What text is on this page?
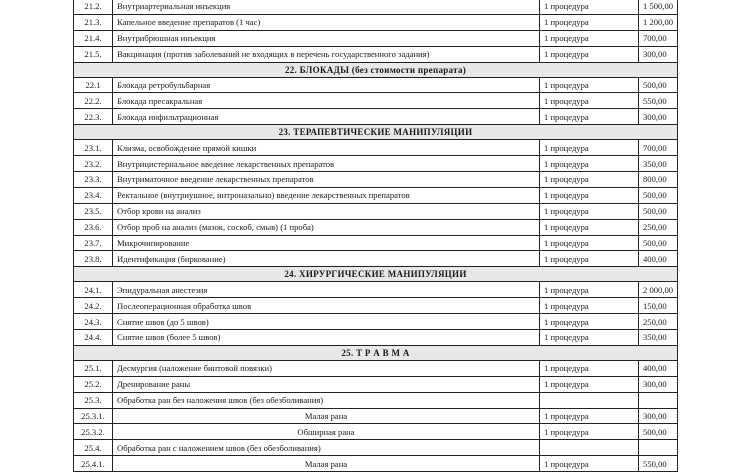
21.2.	Внутриартериальная инъекция	1 процедура	1 500,00
21.3.	Капельное введение препаратов (1 час)	1 процедура	1 200,00
21.4.	Внутрибрюшная инъекция	1 процедура	700,00
21.5.	Вакцинация (против заболеваний не входящих в перечень государственного задания)	1 процедура	300,00
22. БЛОКАДЫ (без стоимости препарата)			
22.1	Блокада ретробульбарная	1 процедура	500,00
22.2.	Блокада пресакральная	1 процедура	550,00
22.3.	Блокада инфильтрационная	1 процедура	300,00
23. ТЕРАПЕВТИЧЕСКИЕ МАНИПУЛЯЦИИ			
23.1.	Клизма, освобождение прямой кишки	1 процедура	700,00
23.2.	Внутрицистернальное введение лекарственных препаратов	1 процедура	350,00
23.3.	Внутриматочное введение лекарственных препаратов	1 процедура	800,00
23.4.	Ректальное (внутриушное, интроназально) введение лекарственных препаратов	1 процедура	500,00
23.5.	Отбор крови на анализ	1 процедура	500,00
23.6.	Отбор проб на анализ (мазок, соскоб, смыв) (1 проба)	1 процедура	250,00
23.7.	Микрочипирование	1 процедура	500,00
23.8.	Идентификация (биркование)	1 процедура	400,00
24. ХИРУРГИЧЕСКИЕ МАНИПУЛЯЦИИ			
24.1.	Эпидуральная анестезия	1 процедура	2 000,00
24.2.	Послеоперационная обработка швов	1 процедура	150,00
24.3.	Снятие швов (до 5 швов)	1 процедура	250,00
24.4.	Снятие швов (более 5 швов)	1 процедура	350,00
25. Т Р А В М А			
25.1.	Десмургия (наложение бинтовой повязки)	1 процедура	400,00
25.2.	Дренирование раны	1 процедура	300,00
25.3.	Обработка ран без наложения швов (без обезболивания)		
25.3.1.	Малая рана	1 процедура	300,00
25.3.2.	Обширная рана	1 процедура	500,00
25.4.	Обработка ран с наложением швов (без обезболивания)		
25.4.1.	Малая рана	1 процедура	550,00
